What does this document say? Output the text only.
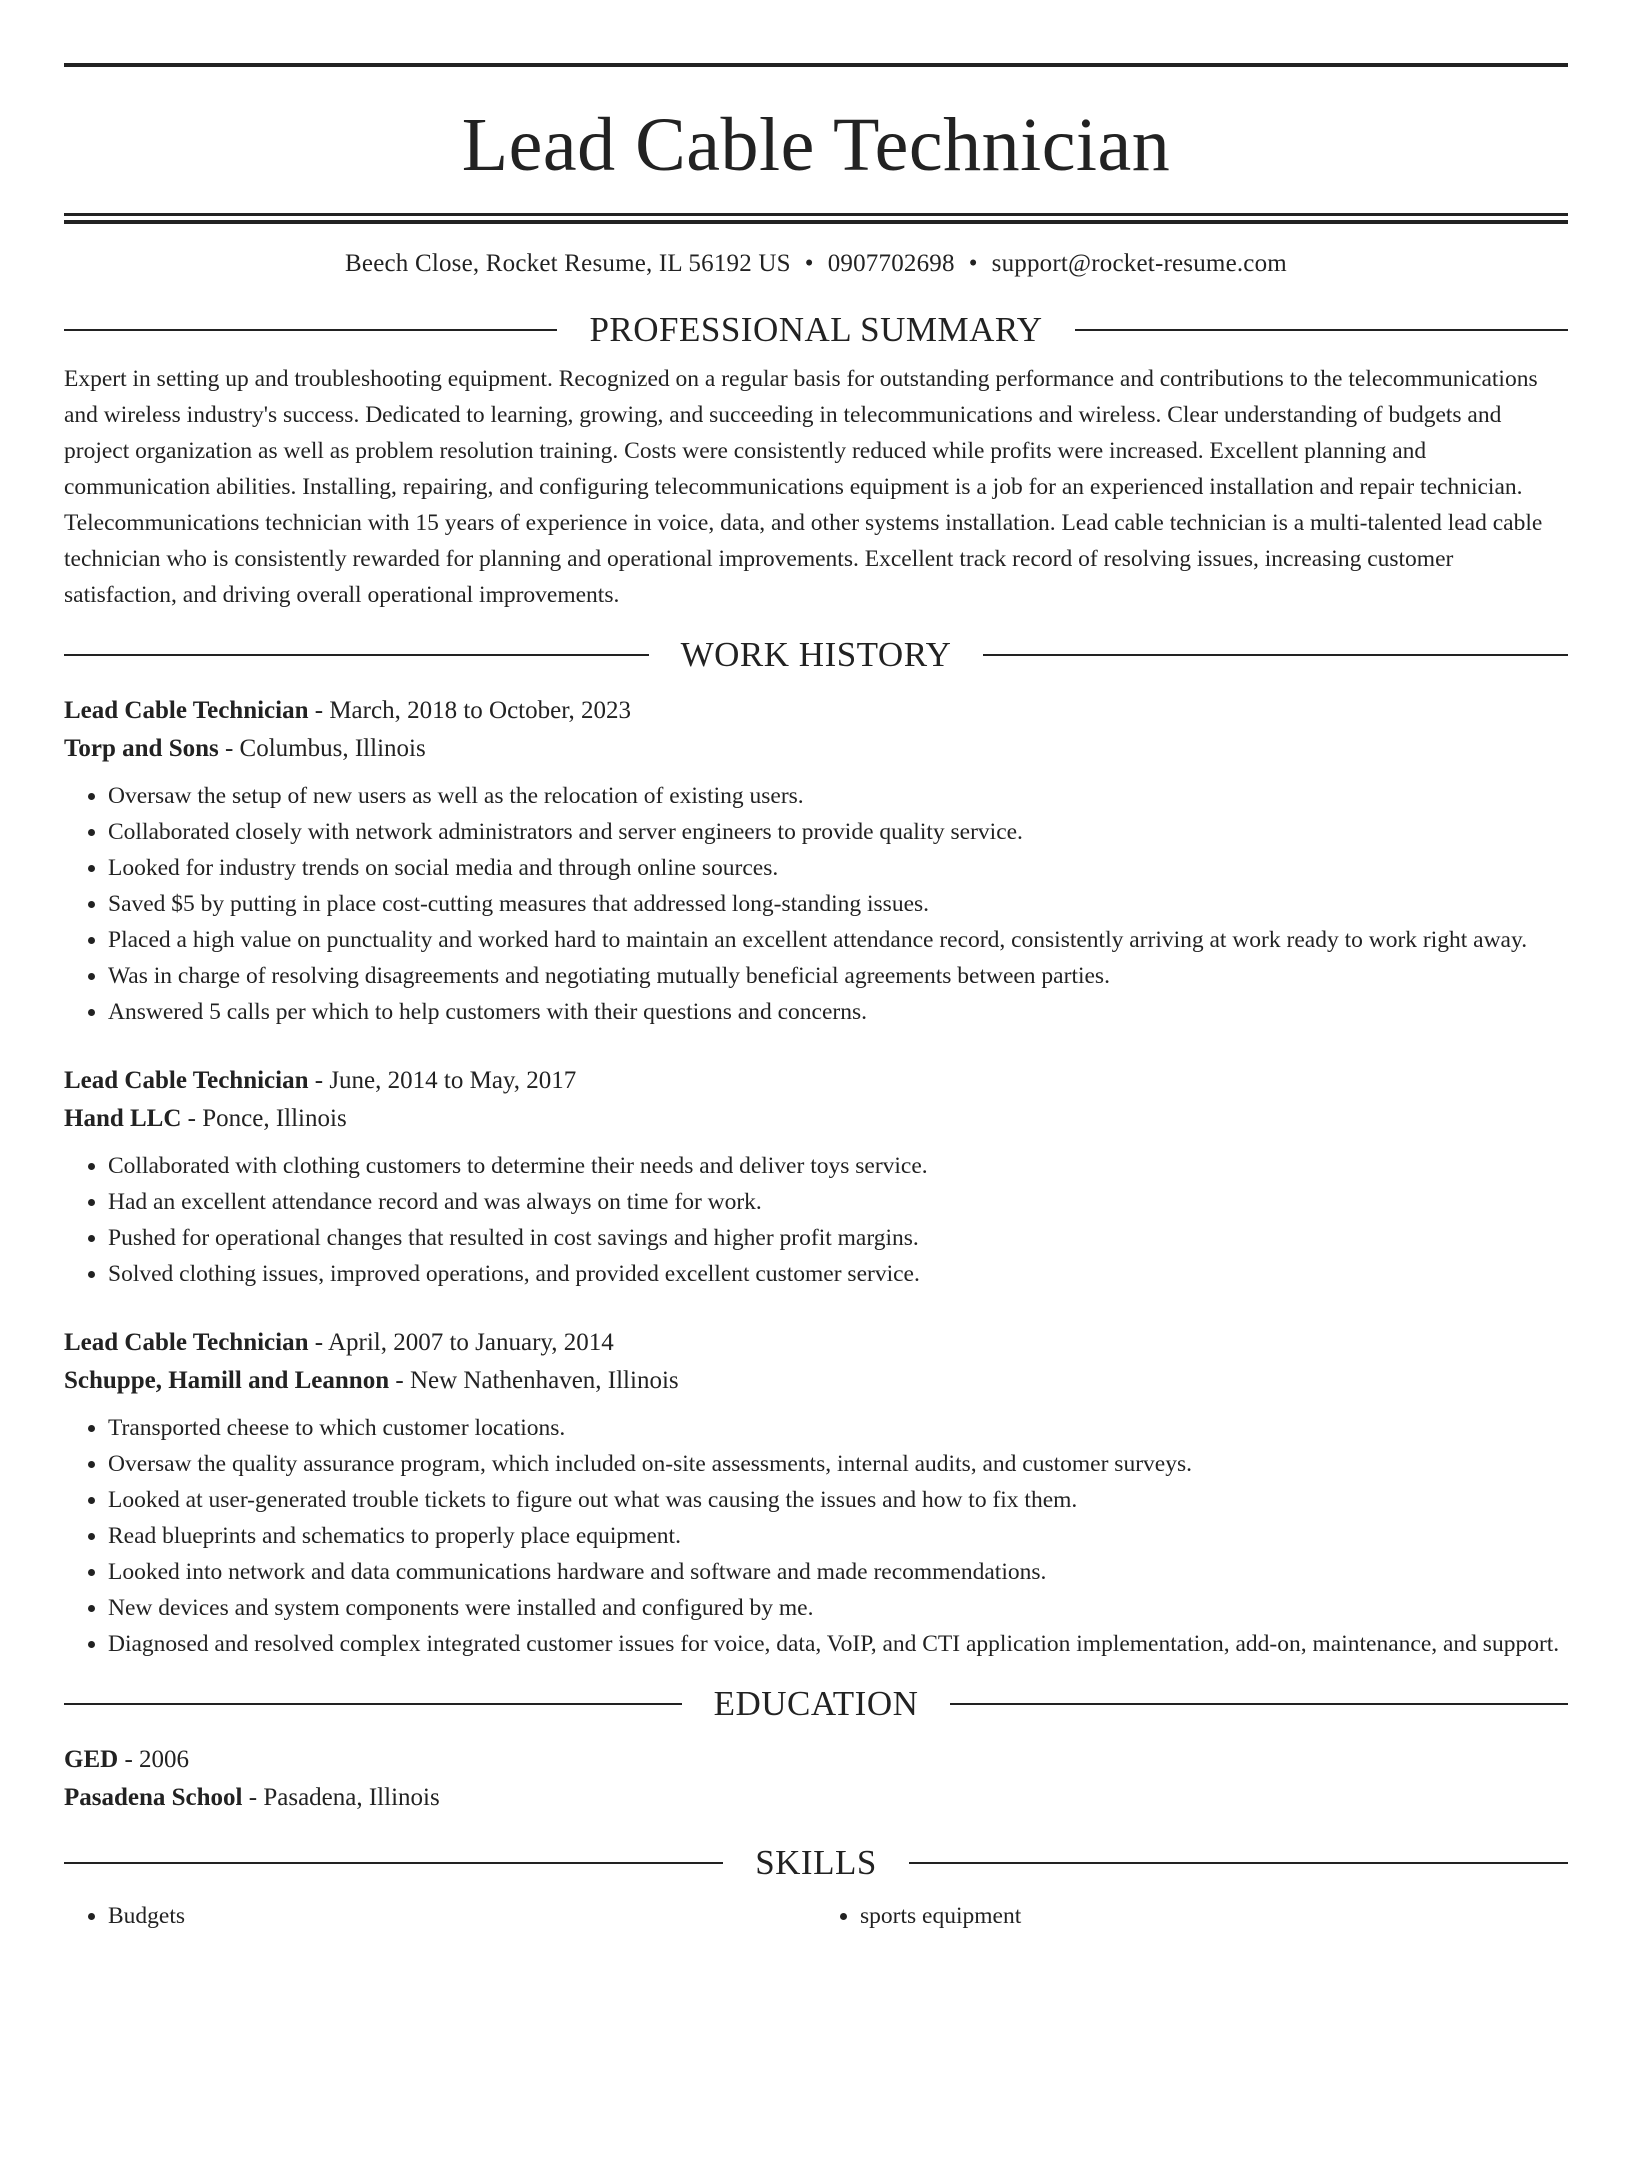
Lead Cable Technician
Beech Close, Rocket Resume, IL 56192 US • 0907702698 • support@rocket-resume.com
PROFESSIONAL SUMMARY
Expert in setting up and troubleshooting equipment. Recognized on a regular basis for outstanding performance and contributions to the telecommunications and wireless industry's success. Dedicated to learning, growing, and succeeding in telecommunications and wireless. Clear understanding of budgets and project organization as well as problem resolution training. Costs were consistently reduced while profits were increased. Excellent planning and communication abilities. Installing, repairing, and configuring telecommunications equipment is a job for an experienced installation and repair technician. Telecommunications technician with 15 years of experience in voice, data, and other systems installation. Lead cable technician is a multi-talented lead cable technician who is consistently rewarded for planning and operational improvements. Excellent track record of resolving issues, increasing customer satisfaction, and driving overall operational improvements.
WORK HISTORY
Lead Cable Technician - March, 2018 to October, 2023
Torp and Sons - Columbus, Illinois
• Oversaw the setup of new users as well as the relocation of existing users.
• Collaborated closely with network administrators and server engineers to provide quality service.
• Looked for industry trends on social media and through online sources.
• Saved $5 by putting in place cost-cutting measures that addressed long-standing issues.
• Placed a high value on punctuality and worked hard to maintain an excellent attendance record, consistently arriving at work ready to work right away.
• Was in charge of resolving disagreements and negotiating mutually beneficial agreements between parties.
• Answered 5 calls per which to help customers with their questions and concerns.
Lead Cable Technician - June, 2014 to May, 2017
Hand LLC - Ponce, Illinois
• Collaborated with clothing customers to determine their needs and deliver toys service.
• Had an excellent attendance record and was always on time for work.
• Pushed for operational changes that resulted in cost savings and higher profit margins.
• Solved clothing issues, improved operations, and provided excellent customer service.
Lead Cable Technician - April, 2007 to January, 2014
Schuppe, Hamill and Leannon - New Nathenhaven, Illinois
• Transported cheese to which customer locations.
• Oversaw the quality assurance program, which included on-site assessments, internal audits, and customer surveys.
• Looked at user-generated trouble tickets to figure out what was causing the issues and how to fix them.
• Read blueprints and schematics to properly place equipment.
• Looked into network and data communications hardware and software and made recommendations.
• New devices and system components were installed and configured by me.
• Diagnosed and resolved complex integrated customer issues for voice, data, VoIP, and CTI application implementation, add-on, maintenance, and support.
EDUCATION
GED - 2006
Pasadena School - Pasadena, Illinois
SKILLS
• Budgets
•	sports equipment
